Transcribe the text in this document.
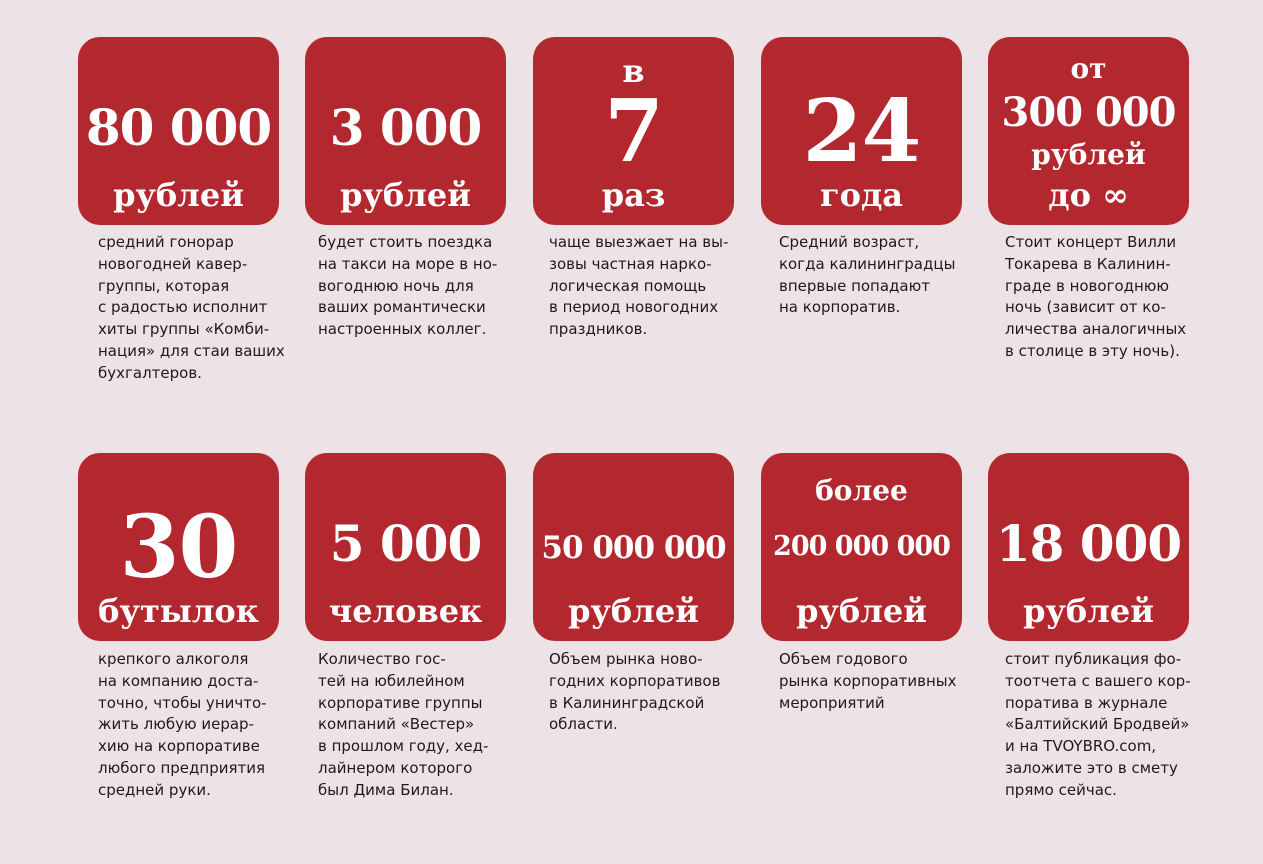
80 000
рублей
3 000
рублей
в
7
раз
24
года
от
300 000
рублей
до ∞
средний гонорар
новогодней кавер-
группы, которая
с радостью исполнит
хиты группы «Комби-
нация» для стаи ваших
бухгалтеров.
будет стоить поездка
на такси на море в но-
вогоднюю ночь для
ваших романтически
настроенных коллег.
чаще выезжает на вы-
зовы частная нарко-
логическая помощь
в период новогодних
праздников.
Средний возраст,
когда калининградцы
впервые попадают
на корпоратив.
Стоит концерт Вилли
Токарева в Калинин-
граде в новогоднюю
ночь (зависит от ко-
личества аналогичных
в столице в эту ночь).
30
бутылок
5 000
человек
50 000 000
рублей
более
200 000 000
рублей
18 000
рублей
крепкого алкоголя
на компанию доста-
точно, чтобы уничто-
жить любую иерар-
хию на корпоративе
любого предприятия
средней руки.
Количество гос-
тей на юбилейном
корпоративе группы
компаний «Вестер»
в прошлом году, хед-
лайнером которого
был Дима Билан.
Объем рынка ново-
годних корпоративов
в Калининградской
области.
Объем годового
рынка корпоративных
мероприятий
стоит публикация фо-
тоотчета с вашего кор-
поратива в журнале
«Балтийский Бродвей»
и на TVOYBRO.com,
заложите это в смету
прямо сейчас.
